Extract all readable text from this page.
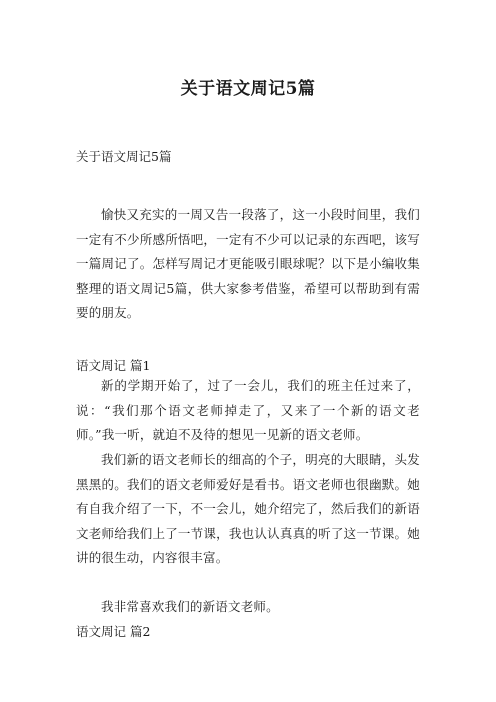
关于语文周记5篇
关于语文周记5篇
愉快又充实的一周又告一段落了，这一小段时间里，我们一定有不少所感所悟吧，一定有不少可以记录的东西吧，该写一篇周记了。怎样写周记才更能吸引眼球呢？以下是小编收集整理的语文周记5篇，供大家参考借鉴，希望可以帮助到有需要的朋友。
语文周记 篇1
新的学期开始了，过了一会儿，我们的班主任过来了，说：“我们那个语文老师掉走了，又来了一个新的语文老师。”我一听，就迫不及待的想见一见新的语文老师。
我们新的语文老师长的细高的个子，明亮的大眼睛，头发黑黑的。我们的语文老师爱好是看书。语文老师也很幽默。她有自我介绍了一下，不一会儿，她介绍完了，然后我们的新语文老师给我们上了一节课，我也认认真真的听了这一节课。她讲的很生动，内容很丰富。
我非常喜欢我们的新语文老师。
语文周记 篇2
